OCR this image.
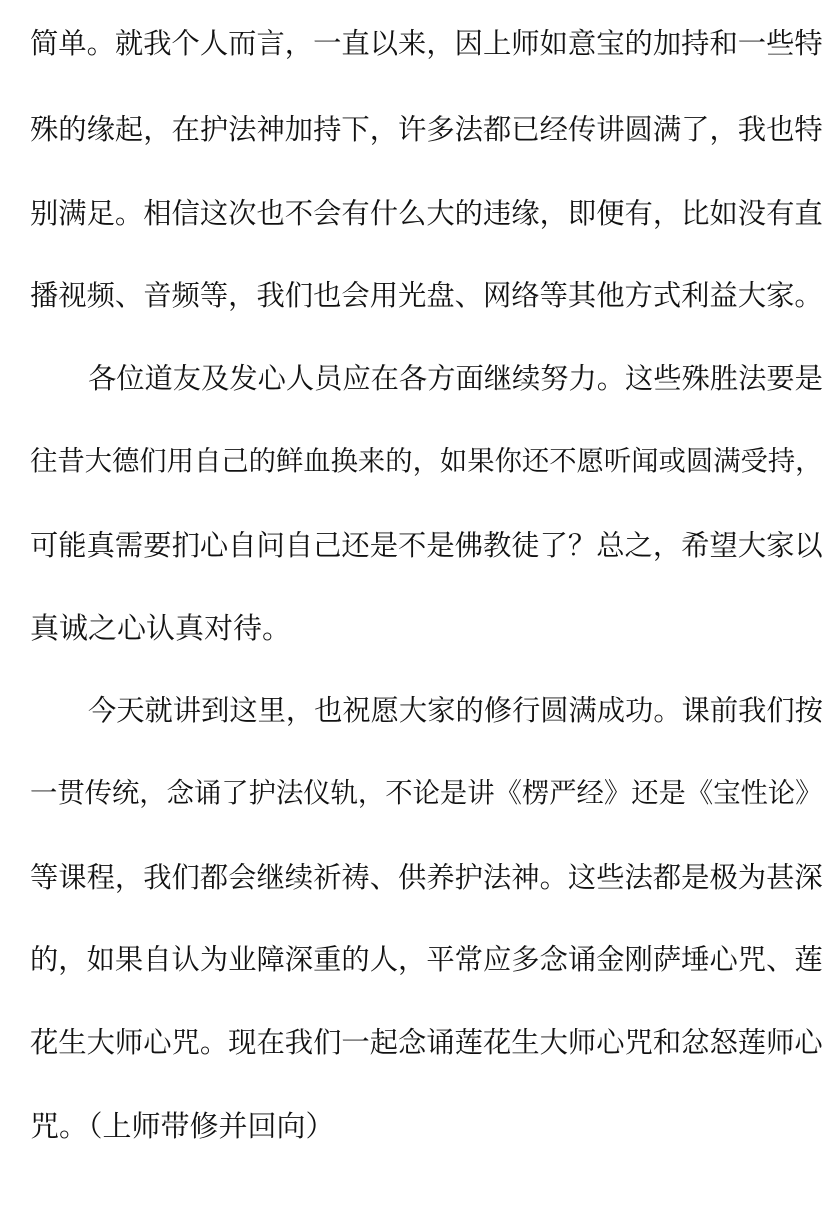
简单。就我个人而言，一直以来，因上师如意宝的加持和一些特
殊的缘起，在护法神加持下，许多法都已经传讲圆满了，我也特
别满足。相信这次也不会有什么大的违缘，即便有，比如没有直
播视频、音频等，我们也会用光盘、网络等其他方式利益大家。
各位道友及发心人员应在各方面继续努力。这些殊胜法要是
往昔大德们用自己的鲜血换来的，如果你还不愿听闻或圆满受持，
可能真需要扪心自问自己还是不是佛教徒了？总之，希望大家以
真诚之心认真对待。
今天就讲到这里，也祝愿大家的修行圆满成功。课前我们按
一贯传统，念诵了护法仪轨，不论是讲《楞严经》还是《宝性论》
等课程，我们都会继续祈祷、供养护法神。这些法都是极为甚深
的，如果自认为业障深重的人，平常应多念诵金刚萨埵心咒、莲
花生大师心咒。现在我们一起念诵莲花生大师心咒和忿怒莲师心
咒。（上师带修并回向）
